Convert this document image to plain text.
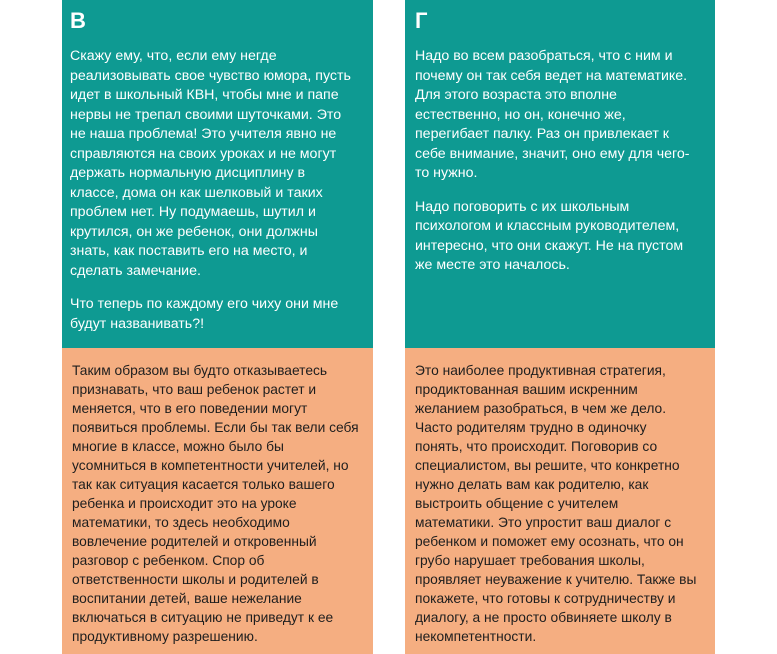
В

Скажу ему, что, если ему негде
реализовывать свое чувство юмора, пусть
идет в школьный КВН, чтобы мне и папе
нервы не трепал своими шуточками. Это
не наша проблема! Это учителя явно не
справляются на своих уроках и не могут
держать нормальную дисциплину в
классе, дома он как шелковый и таких
проблем нет. Ну подумаешь, шутил и
крутился, он же ребенок, они должны
знать, как поставить его на место, и
сделать замечание.

Что теперь по каждому его чиху они мне
будут названивать?!

Г

Надо во всем разобраться, что с ним и
почему он так себя ведет на математике.
Для этого возраста это вполне
естественно, но он, конечно же,
перегибает палку. Раз он привлекает к
себе внимание, значит, оно ему для чего-
то нужно.

Надо поговорить с их школьным
психологом и классным руководителем,
интересно, что они скажут. Не на пустом
же месте это началось.

Таким образом вы будто отказываетесь
признавать, что ваш ребенок растет и
меняется, что в его поведении могут
появиться проблемы. Если бы так вели себя
многие в классе, можно было бы
усомниться в компетентности учителей, но
так как ситуация касается только вашего
ребенка и происходит это на уроке
математики, то здесь необходимо
вовлечение родителей и откровенный
разговор с ребенком. Спор об
ответственности школы и родителей в
воспитании детей, ваше нежелание
включаться в ситуацию не приведут к ее
продуктивному разрешению.

Это наиболее продуктивная стратегия,
продиктованная вашим искренним
желанием разобраться, в чем же дело.
Часто родителям трудно в одиночку
понять, что происходит. Поговорив со
специалистом, вы решите, что конкретно
нужно делать вам как родителю, как
выстроить общение с учителем
математики. Это упростит ваш диалог с
ребенком и поможет ему осознать, что он
грубо нарушает требования школы,
проявляет неуважение к учителю. Также вы
покажете, что готовы к сотрудничеству и
диалогу, а не просто обвиняете школу в
некомпетентности.
